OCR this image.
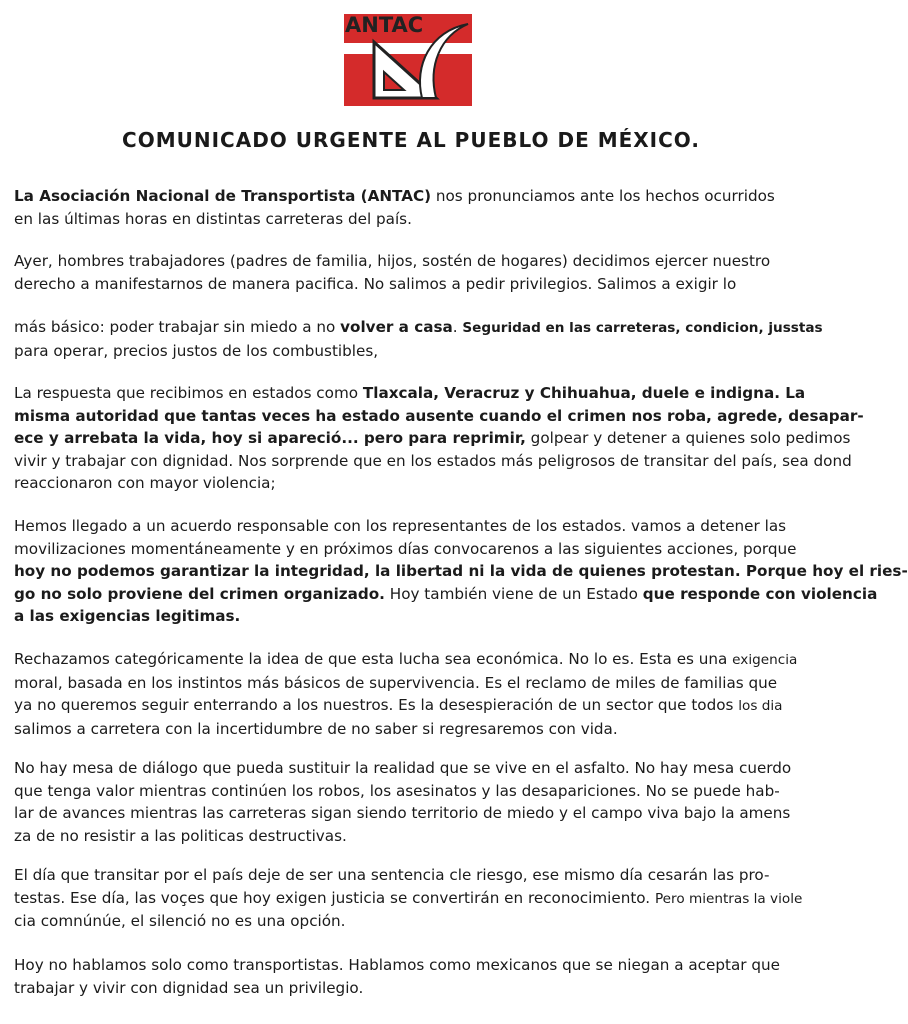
ANTAC
COMUNICADO URGENTE AL PUEBLO DE MÉXICO.
La Asociación Nacional de Transportista (ANTAC) nos pronunciamos ante los hechos ocurridos
en las últimas horas en distintas carreteras del país.
Ayer, hombres trabajadores (padres de familia, hijos, sostén de hogares) decidimos ejercer nuestro
derecho a manifestarnos de manera pacifica. No salimos a pedir privilegios. Salimos a exigir lo
más básico: poder trabajar sin miedo a no volver a casa. Seguridad en las carreteras, condicion, jusstas
para operar, precios justos de los combustibles,
La respuesta que recibimos en estados como Tlaxcala, Veracruz y Chihuahua, duele e indigna. La
misma autoridad que tantas veces ha estado ausente cuando el crimen nos roba, agrede, desapar-
ece y arrebata la vida, hoy si apareció... pero para reprimir, golpear y detener a quienes solo pedimos
vivir y trabajar con dignidad. Nos sorprende que en los estados más peligrosos de transitar del país, sea dond
reaccionaron con mayor violencia;
Hemos llegado a un acuerdo responsable con los representantes de los estados. vamos a detener las
movilizaciones momentáneamente y en próximos días convocarenos a las siguientes acciones, porque
hoy no podemos garantizar la integridad, la libertad ni la vida de quienes protestan. Porque hoy el ries-
go no solo proviene del crimen organizado. Hoy también viene de un Estado que responde con violencia
a las exigencias legitimas.
Rechazamos categóricamente la idea de que esta lucha sea económica. No lo es. Esta es una exigencia
moral, basada en los instintos más básicos de supervivencia. Es el reclamo de miles de familias que
ya no queremos seguir enterrando a los nuestros. Es la desespieración de un sector que todos los dia
salimos a carretera con la incertidumbre de no saber si regresaremos con vida.
No hay mesa de diálogo que pueda sustituir la realidad que se vive en el asfalto. No hay mesa cuerdo
que tenga valor mientras continúen los robos, los asesinatos y las desapariciones. No se puede hab-
lar de avances mientras las carreteras sigan siendo territorio de miedo y el campo viva bajo la amens
za de no resistir a las politicas destructivas.
El día que transitar por el país deje de ser una sentencia cle riesgo, ese mismo día cesarán las pro-
testas. Ese día, las voçes que hoy exigen justicia se convertirán en reconocimiento. Pero mientras la viole
cia comnúnúe, el silenció no es una opción.
Hoy no hablamos solo como transportistas. Hablamos como mexicanos que se niegan a aceptar que
trabajar y vivir con dignidad sea un privilegio.
